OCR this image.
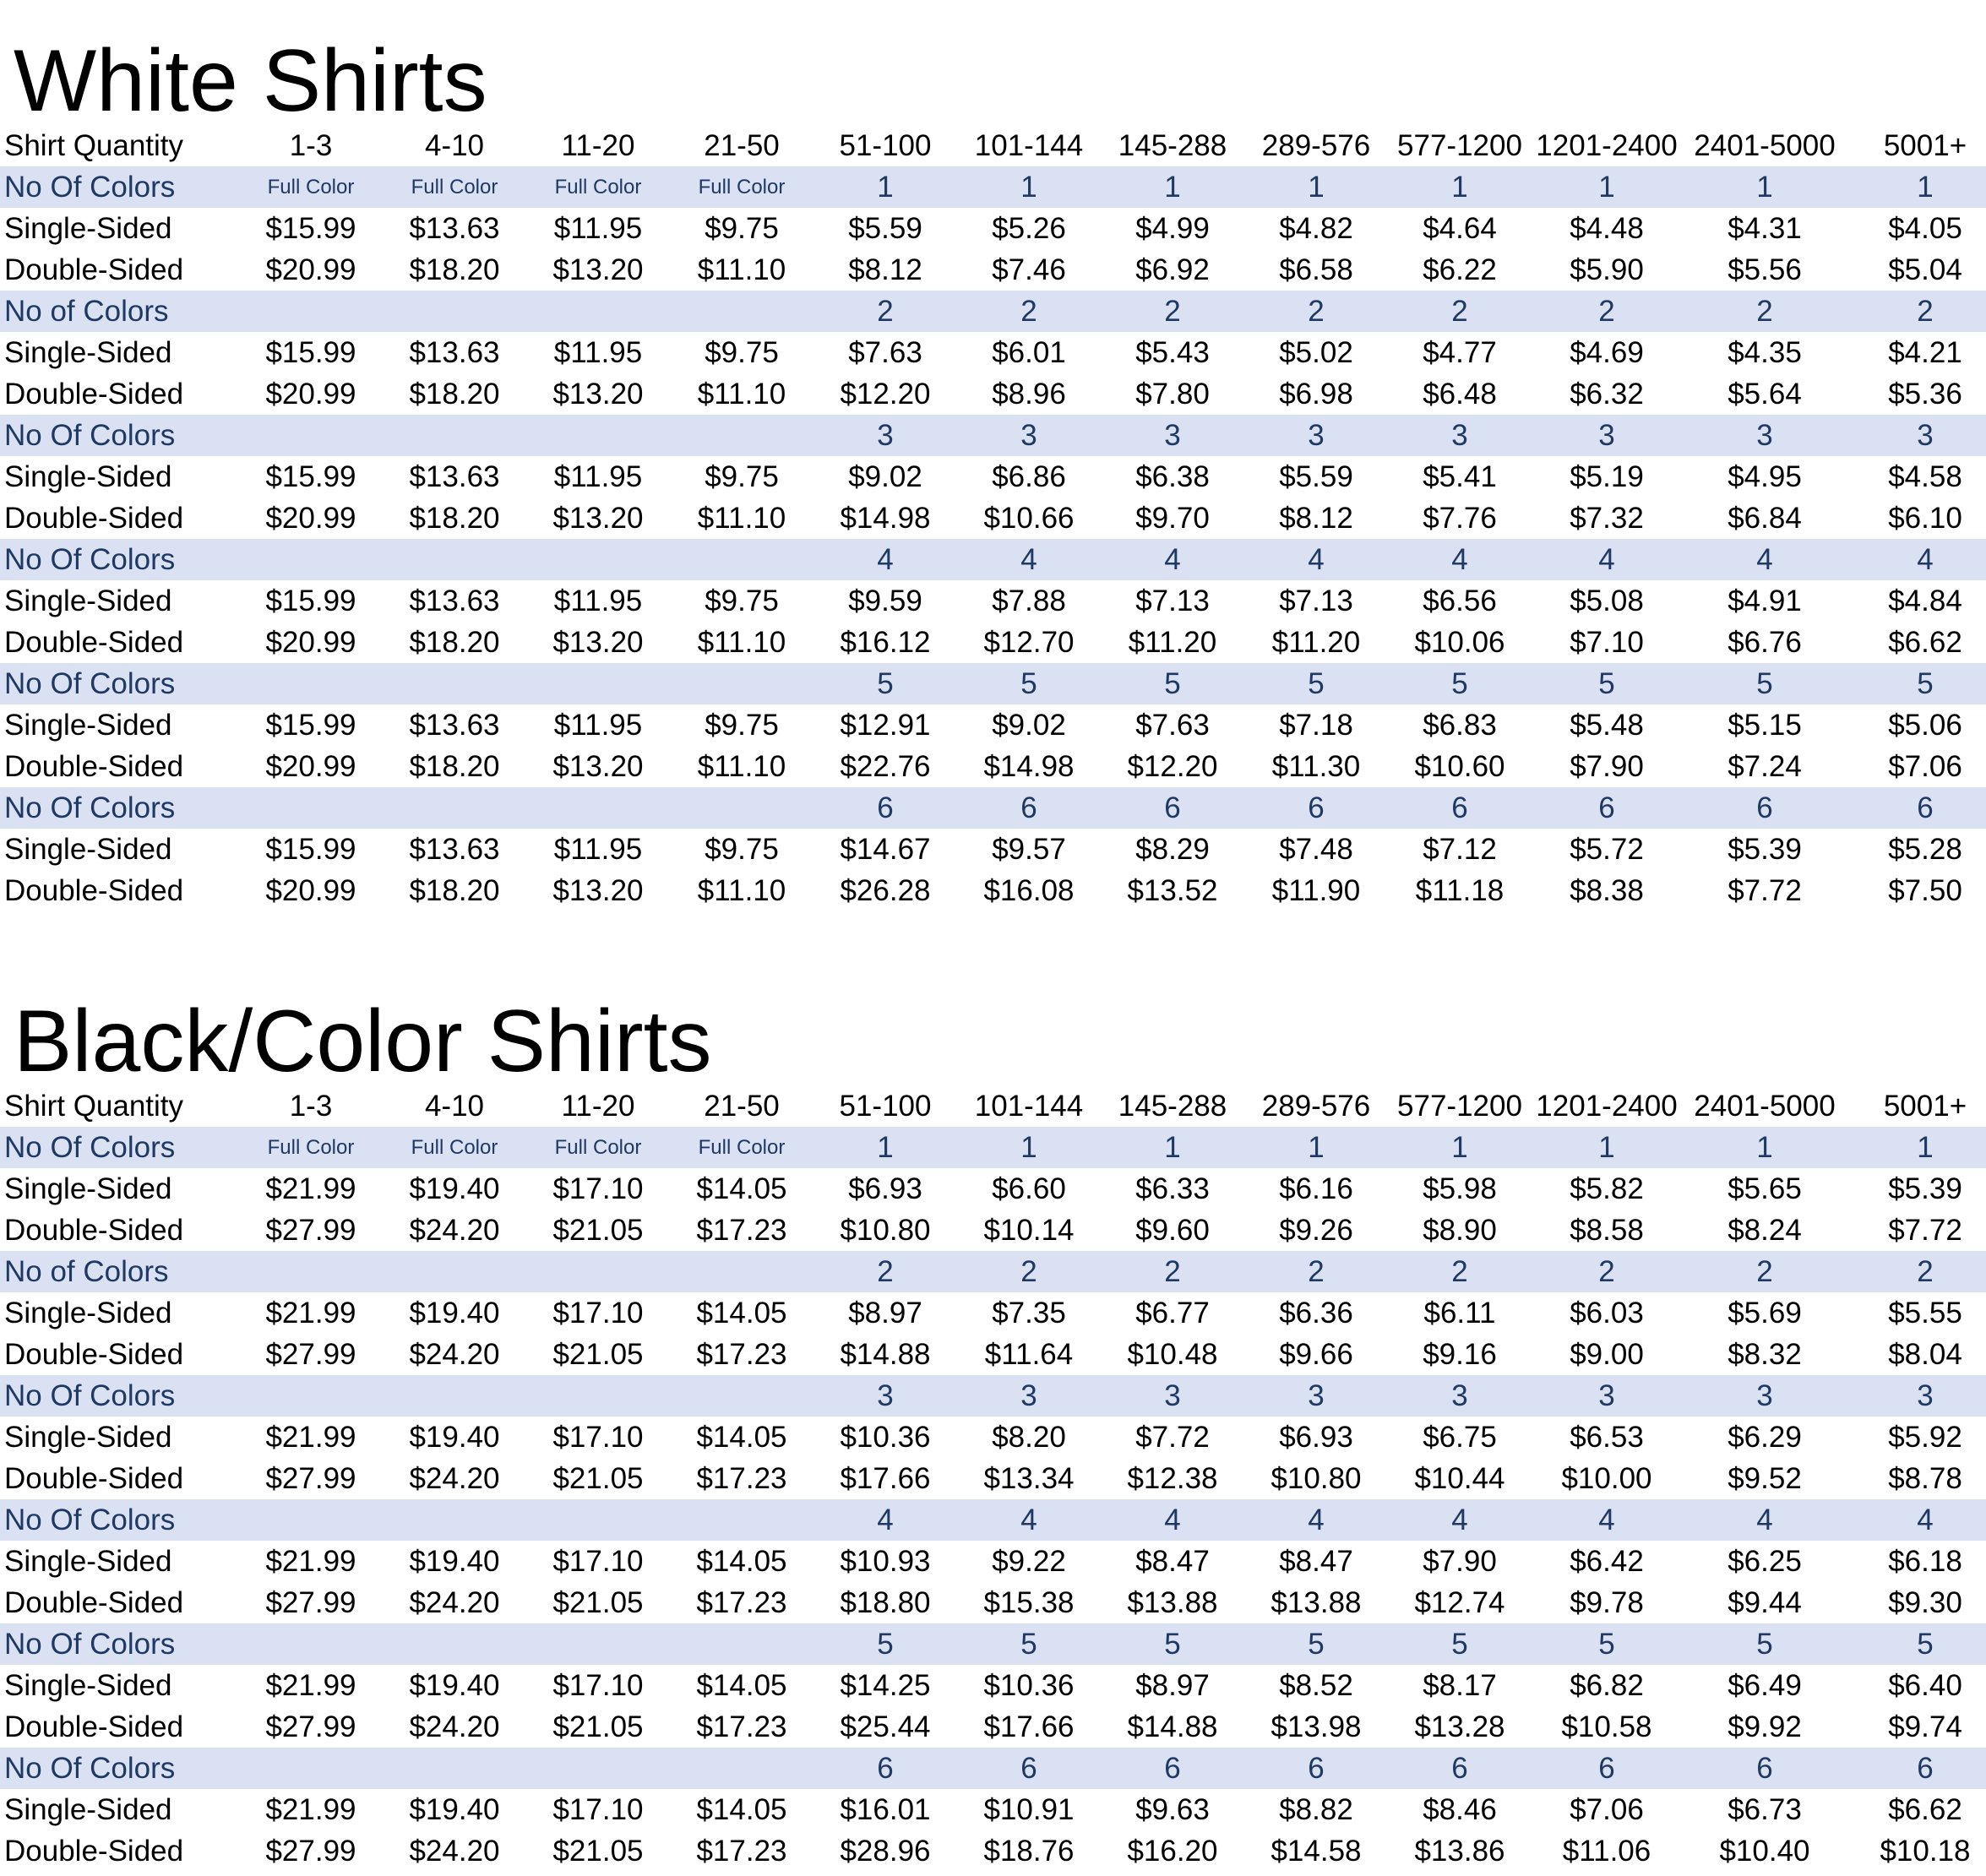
White Shirts
Shirt Quantity	1-3	4-10	11-20	21-50	51-100	101-144	145-288	289-576	577-1200	1201-2400	2401-5000	5001+
No Of Colors	Full Color	Full Color	Full Color	Full Color	1	1	1	1	1	1	1	1
Single-Sided	$15.99	$13.63	$11.95	$9.75	$5.59	$5.26	$4.99	$4.82	$4.64	$4.48	$4.31	$4.05
Double-Sided	$20.99	$18.20	$13.20	$11.10	$8.12	$7.46	$6.92	$6.58	$6.22	$5.90	$5.56	$5.04
No of Colors					2	2	2	2	2	2	2	2
Single-Sided	$15.99	$13.63	$11.95	$9.75	$7.63	$6.01	$5.43	$5.02	$4.77	$4.69	$4.35	$4.21
Double-Sided	$20.99	$18.20	$13.20	$11.10	$12.20	$8.96	$7.80	$6.98	$6.48	$6.32	$5.64	$5.36
No Of Colors					3	3	3	3	3	3	3	3
Single-Sided	$15.99	$13.63	$11.95	$9.75	$9.02	$6.86	$6.38	$5.59	$5.41	$5.19	$4.95	$4.58
Double-Sided	$20.99	$18.20	$13.20	$11.10	$14.98	$10.66	$9.70	$8.12	$7.76	$7.32	$6.84	$6.10
No Of Colors					4	4	4	4	4	4	4	4
Single-Sided	$15.99	$13.63	$11.95	$9.75	$9.59	$7.88	$7.13	$7.13	$6.56	$5.08	$4.91	$4.84
Double-Sided	$20.99	$18.20	$13.20	$11.10	$16.12	$12.70	$11.20	$11.20	$10.06	$7.10	$6.76	$6.62
No Of Colors					5	5	5	5	5	5	5	5
Single-Sided	$15.99	$13.63	$11.95	$9.75	$12.91	$9.02	$7.63	$7.18	$6.83	$5.48	$5.15	$5.06
Double-Sided	$20.99	$18.20	$13.20	$11.10	$22.76	$14.98	$12.20	$11.30	$10.60	$7.90	$7.24	$7.06
No Of Colors					6	6	6	6	6	6	6	6
Single-Sided	$15.99	$13.63	$11.95	$9.75	$14.67	$9.57	$8.29	$7.48	$7.12	$5.72	$5.39	$5.28
Double-Sided	$20.99	$18.20	$13.20	$11.10	$26.28	$16.08	$13.52	$11.90	$11.18	$8.38	$7.72	$7.50
Black/Color Shirts
Shirt Quantity	1-3	4-10	11-20	21-50	51-100	101-144	145-288	289-576	577-1200	1201-2400	2401-5000	5001+
No Of Colors	Full Color	Full Color	Full Color	Full Color	1	1	1	1	1	1	1	1
Single-Sided	$21.99	$19.40	$17.10	$14.05	$6.93	$6.60	$6.33	$6.16	$5.98	$5.82	$5.65	$5.39
Double-Sided	$27.99	$24.20	$21.05	$17.23	$10.80	$10.14	$9.60	$9.26	$8.90	$8.58	$8.24	$7.72
No of Colors					2	2	2	2	2	2	2	2
Single-Sided	$21.99	$19.40	$17.10	$14.05	$8.97	$7.35	$6.77	$6.36	$6.11	$6.03	$5.69	$5.55
Double-Sided	$27.99	$24.20	$21.05	$17.23	$14.88	$11.64	$10.48	$9.66	$9.16	$9.00	$8.32	$8.04
No Of Colors					3	3	3	3	3	3	3	3
Single-Sided	$21.99	$19.40	$17.10	$14.05	$10.36	$8.20	$7.72	$6.93	$6.75	$6.53	$6.29	$5.92
Double-Sided	$27.99	$24.20	$21.05	$17.23	$17.66	$13.34	$12.38	$10.80	$10.44	$10.00	$9.52	$8.78
No Of Colors					4	4	4	4	4	4	4	4
Single-Sided	$21.99	$19.40	$17.10	$14.05	$10.93	$9.22	$8.47	$8.47	$7.90	$6.42	$6.25	$6.18
Double-Sided	$27.99	$24.20	$21.05	$17.23	$18.80	$15.38	$13.88	$13.88	$12.74	$9.78	$9.44	$9.30
No Of Colors					5	5	5	5	5	5	5	5
Single-Sided	$21.99	$19.40	$17.10	$14.05	$14.25	$10.36	$8.97	$8.52	$8.17	$6.82	$6.49	$6.40
Double-Sided	$27.99	$24.20	$21.05	$17.23	$25.44	$17.66	$14.88	$13.98	$13.28	$10.58	$9.92	$9.74
No Of Colors					6	6	6	6	6	6	6	6
Single-Sided	$21.99	$19.40	$17.10	$14.05	$16.01	$10.91	$9.63	$8.82	$8.46	$7.06	$6.73	$6.62
Double-Sided	$27.99	$24.20	$21.05	$17.23	$28.96	$18.76	$16.20	$14.58	$13.86	$11.06	$10.40	$10.18
